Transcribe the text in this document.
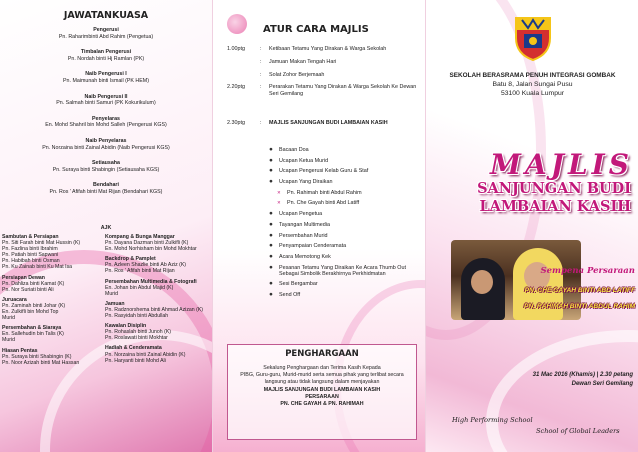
JAWATANKUASA
Pengerusi
Pn. Raharimbinti Abd Rahim (Pengetua)
Timbalan Pengerusi
Pn. Nordah binti Hj Ramlan (PK)
Naib Pengerusi I
Pn. Maimunah binti Ismail (PK HEM)
Naib Pengerusi II
Pn. Salmah binti Samuri (PK Kokurikulum)
Penyelaras
En. Mohd Shahril bin Mohd Salleh (Pengerusi KGS)
Naib Penyelaras
Pn. Norzaina binti Zainal Abidin (Naib Pengerusi KGS)
Setiausaha
Pn. Suraya binti Shabingin (Setiausaha KGS)
Bendahari
Pn. Ros ' Afifah binti Mat Rijan (Bendahari KGS)
AJK
Sambutan & Persiapan
Pn. Siti Farah binti Mat Hussin (K)
Pn. Fazlina binti Ibrahim
Pn. Patiah binti Sapwani
Pn. Habibah binti Osman
Pn. Ku Zainab binti Ku Mat Isa
Persiapan Dewan
Pn. Dahliza binti Kamat (K)
Pn. Nor Suriati binti Ali
Juruacara
Pn. Zaminah binti Johar (K)
En. Zulkifli bin Mohd Top
Murid
Persembahan & Siaraya
En. Sallehudin bin Talis (K)
Murid
Hiasan Pentas
Pn. Suraya binti Shabingin (K)
Pn. Noor Azizah binti Mat Hassan
Kompang & Bunga Manggar
Pn. Dayana Dazman binti Zulkifli (K)
En. Mohd Norhisham bin Mohd Mokhtar
Backdrop & Pamplet
Pn. Azleen Shazlie binti Ab Aziz (K)
Pn. Ros ' Afifah binti Mat Rijan
Persembahan Multimedia & Fotografi
En. Johan bin Abdul Majid (K)
Murid
Jamuan
Pn. Radznorshema binti Ahmad Azizan (K)
Pn. Rasyidah binti Abdullah
Kawalan Disiplin
Pn. Rohaslah binti Junoh (K)
Pn. Roslawati binti Mokhtar
Hadiah & Cenderamata
Pn. Norzaina binti Zainal Abidin (K)
Pn. Haryanti binti Mohd Ali
ATUR CARA MAJLIS
1.00ptg	:	Ketibaan Tetamu Yang Dirakan & Warga Sekolah
:	Jamuan Makan Tengah Hari
:	Solat Zohor Berjemaah
2.20ptg	:	Perarakan Tetamu Yang Dirakan & Warga Sekolah Ke Dewan Seri Gemilang
2.30ptg	:	MAJLIS SANJUNGAN BUDI LAMBAIAN KASIH
● Bacaan Doa
● Ucapan Ketua Murid
● Ucapan Pengerusi Kelab Guru & Staf
● Ucapan Yang Diraikan
✕ Pn. Rahimah binti Abdul Rahim
✕ Pn. Che Gayah binti Abd Latiff
● Ucapan Pengetua
● Tayangan Multimedia
● Persembahan Murid
● Penyampaian Cenderamata
● Acara Memotong Kek
● Pesanan Tetamu Yang Diraikan Ke Acara Thumb Out Sebagai Simbolik Berakhirnya Perkhidmatan
● Sesi Bergambar
● Send Off
PENGHARGAAN
Sekalung Penghargaan dan Terima Kasih Kepada
PIBG, Guru-guru, Murid-murid serta semua pihak yang terlibat secara
langsung atau tidak langsung dalam menjayakan
MAJLIS SANJUNGAN BUDI LAMBAIAN KASIH
PERSARAAN
PN. CHE GAYAH & PN. RAHIMAH
SEKOLAH BERASRAMA PENUH INTEGRASI GOMBAK
Batu 8, Jalan Sungai Pusu
53100 Kuala Lumpur
MAJLIS
SANJUNGAN BUDI
LAMBAIAN KASIH
Sempena Persaraan
PN. CHE GAYAH BINTI ABD LATIFF
PN. RAHIMAH BINTI ABDUL RAHIM
31 Mac 2016 (Khamis) | 2.30 petang
Dewan Seri Gemilang
High Performing School
School of Global Leaders
